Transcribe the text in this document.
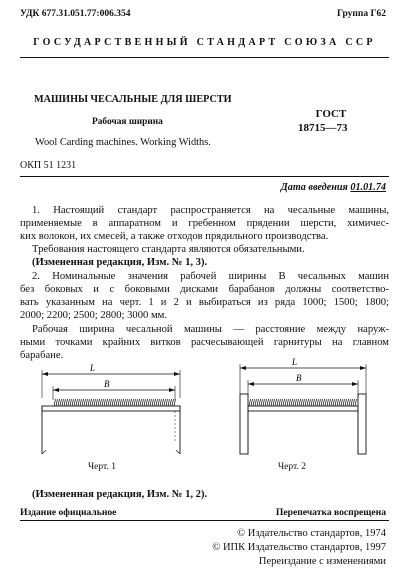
УДК 677.31.051.77:006.354	Группа Г62
ГОСУДАРСТВЕННЫЙ СТАНДАРТ СОЮЗА ССР
МАШИНЫ ЧЕСАЛЬНЫЕ ДЛЯ ШЕРСТИ
Рабочая ширина
Wool Carding machines. Working Widths.
ГОСТ
18715—73
ОКП 51 1231
Дата введения 01.01.74
1. Настоящий стандарт распространяется на чесальные машины,
применяемые в аппаратном и гребенном прядении шерсти, химичес-
ких волокон, их смесей, а также отходов прядильного производства.
Требования настоящего стандарта являются обязательными.
(Измененная редакция, Изм. № 1, 3).
2. Номинальные значения рабочей ширины B чесальных машин
без боковых и с боковыми дисками барабанов должны соответство-
вать указанным на черт. 1 и 2 и выбираться из ряда 1000; 1500; 1800;
2000; 2200; 2500; 2800; 3000 мм.
Рабочая ширина чесальной машины — расстояние между наруж-
ными точками крайних витков расчесывающей гарнитуры на главном
барабане.
L
B
Черт. 1
L
B
Черт. 2
(Измененная редакция, Изм. № 1, 2).
Издание официальное	Перепечатка воспрещена
© Издательство стандартов, 1974
© ИПК Издательство стандартов, 1997
Переиздание с изменениями
